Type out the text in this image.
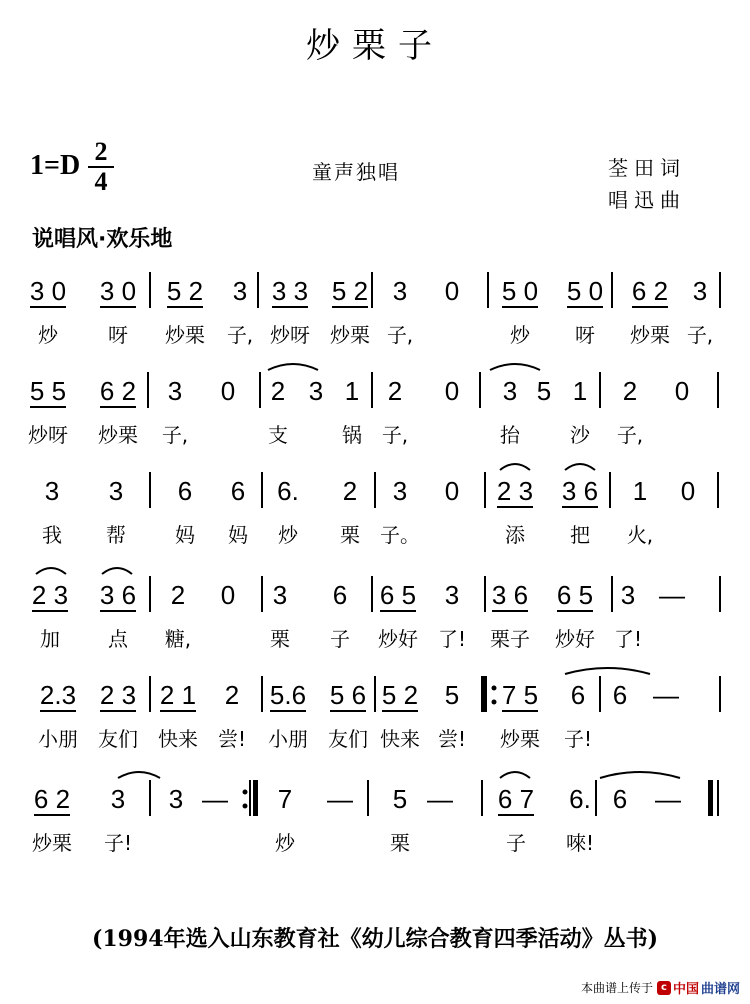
炒栗子
1=D 2
4	童声独唱	荃田词
唱迅曲
说唱风·欢乐地
3 0 3 0 5 2 3 3 3 5 2 3 0 5 0 5 0 6 2 3
5 5 6 2 3 0 2 3 1 2 0 3 5 1 2 0
3 3 6 6 6. 2 3 0 2 3 3 6 1 0
2 3 3 6 2 0 3 6 6 5 3 3 6 6 5 3 —
2.3 2 3 2 1 2 5.6 5 6 5 2 5 7 5 6 6 —
6 2 3 3 — 7 — 5 — 6 7 6. 6 —
炒	呀 炒栗 子, 炒呀 炒栗 子,	炒 呀 炒栗 子,
炒呀 炒栗 子,	支	锅 子,	抬	沙 子,
我 帮 妈 妈 炒 栗 子。	添 把 火,
加 点 糖,	栗 子 炒好 了! 栗子 炒好 了!
小朋 友们 快来 尝! 小朋 友们 快来 尝! 炒栗 子!
炒栗 子!	炒	栗	子 唻!
(1994年选入山东教育社《幼儿综合教育四季活动》丛书)
本曲谱上传于 c 中国 曲谱网
